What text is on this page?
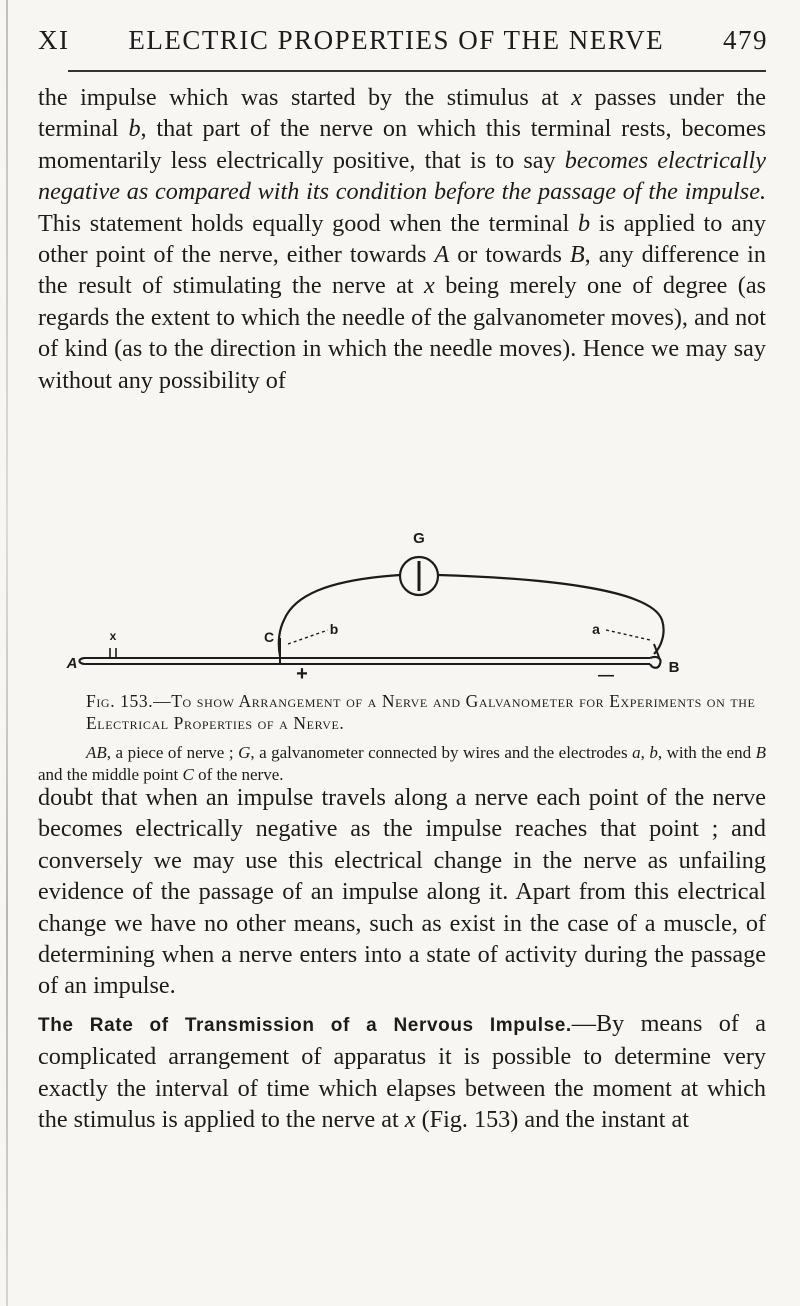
XI ELECTRIC PROPERTIES OF THE NERVE 479

the impulse which was started by the stimulus at x passes under the terminal b, that part of the nerve on which this terminal rests, becomes momentarily less electrically positive, that is to say becomes electrically negative as compared with its condition before the passage of the impulse. This statement holds equally good when the terminal b is applied to any other point of the nerve, either towards A or towards B, any difference in the result of stimulating the nerve at x being merely one of degree (as regards the extent to which the needle of the galvanometer moves), and not of kind (as to the direction in which the needle moves). Hence we may say without any possibility of

G
A	B
C
x	b	a
+	—

Fig. 153.—To show Arrangement of a Nerve and Galvanometer for Experiments on the Electrical Properties of a Nerve.

AB, a piece of nerve ; G, a galvanometer connected by wires and the electrodes a, b, with the end B and the middle point C of the nerve.

doubt that when an impulse travels along a nerve each point of the nerve becomes electrically negative as the impulse reaches that point ; and conversely we may use this electrical change in the nerve as unfailing evidence of the passage of an impulse along it. Apart from this electrical change we have no other means, such as exist in the case of a muscle, of determining when a nerve enters into a state of activity during the passage of an impulse.

The Rate of Transmission of a Nervous Impulse.—By means of a complicated arrangement of apparatus it is possible to determine very exactly the interval of time which elapses between the moment at which the stimulus is applied to the nerve at x (Fig. 153) and the instant at
